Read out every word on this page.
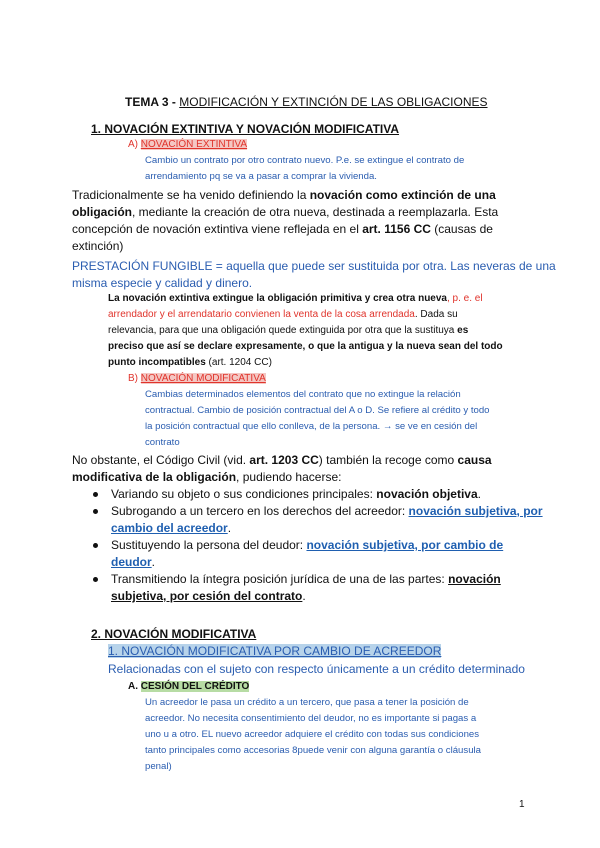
TEMA 3 - MODIFICACIÓN Y EXTINCIÓN DE LAS OBLIGACIONES
1. NOVACIÓN EXTINTIVA Y NOVACIÓN MODIFICATIVA
A) NOVACIÓN EXTINTIVA
Cambio un contrato por otro contrato nuevo. P.e. se extingue el contrato de
arrendamiento pq se va a pasar a comprar la vivienda.
Tradicionalmente se ha venido definiendo la novación como extinción de una
obligación, mediante la creación de otra nueva, destinada a reemplazarla. Esta
concepción de novación extintiva viene reflejada en el art. 1156 CC (causas de
extinción)
PRESTACIÓN FUNGIBLE = aquella que puede ser sustituida por otra. Las neveras de una
misma especie y calidad y dinero.
La novación extintiva extingue la obligación primitiva y crea otra nueva, p. e. el
arrendador y el arrendatario convienen la venta de la cosa arrendada. Dada su
relevancia, para que una obligación quede extinguida por otra que la sustituya es
preciso que así se declare expresamente, o que la antigua y la nueva sean del todo
punto incompatibles (art. 1204 CC)
B) NOVACIÓN MODIFICATIVA
Cambias determinados elementos del contrato que no extingue la relación
contractual. Cambio de posición contractual del A o D. Se refiere al crédito y todo
la posición contractual que ello conlleva, de la persona. → se ve en cesión del
contrato
No obstante, el Código Civil (vid. art. 1203 CC) también la recoge como causa
modificativa de la obligación, pudiendo hacerse:
Variando su objeto o sus condiciones principales: novación objetiva.
Subrogando a un tercero en los derechos del acreedor: novación subjetiva, por
cambio del acreedor.
Sustituyendo la persona del deudor: novación subjetiva, por cambio de
deudor.
Transmitiendo la íntegra posición jurídica de una de las partes: novación
subjetiva, por cesión del contrato.
2. NOVACIÓN MODIFICATIVA
1. NOVACIÓN MODIFICATIVA POR CAMBIO DE ACREEDOR
Relacionadas con el sujeto con respecto únicamente a un crédito determinado
A. CESIÓN DEL CRÉDITO
Un acreedor le pasa un crédito a un tercero, que pasa a tener la posición de
acreedor. No necesita consentimiento del deudor, no es importante si pagas a
uno u a otro. EL nuevo acreedor adquiere el crédito con todas sus condiciones
tanto principales como accesorias 8puede venir con alguna garantía o cláusula
penal)
1
